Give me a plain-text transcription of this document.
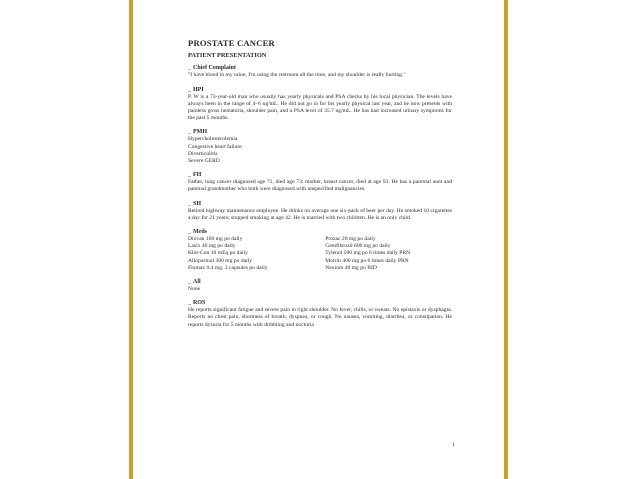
PROSTATE CANCER
PATIENT PRESENTATION
_ Chief Complaint
"I have blood in my urine, I'm using the restroom all the time, and my shoulder is really hurting."
_ HPI
P. W is a 73-year-old man who usually has yearly physicals and PSA checks by his local physician. The levels have always been in the range of 4–6 ng/mL. He did not go in for his yearly physical last year, and he now presents with painless gross hematuria, shoulder pain, and a PSA level of 35.7 ng/mL. He has had increased urinary symptoms for the past 5 months.
_ PMH
Hypercholesterolemia
Congestive heart failure
Diverticulitis
Severe GERD
_ FH
Father, lung cancer diagnosed age 71, died age 73; mother, breast cancer, died at age 93. He has a parental aunt and paternal grandmother who both were diagnosed with unspecified malignancies.
_ SH
Retired highway maintenance employee. He drinks on average one six-pack of beer per day. He smoked 10 cigarettes a day for 21 years; stopped smoking at age 42. He is married with two children. He is an only child.
_ Meds
Diovan 160 mg po daily
Lasix 40 mg po daily
Klor-Con 10 mEq po daily
Allopurinol 300 mg po daily
Flomax 0.4 mg, 2 capsules po daily
Prozac 20 mg po daily
Gemfibrozil 600 mg po daily
Tylenol 500 mg po 6 times daily PRN
Motrin 400 mg po 6 times daily PRN
Nexium 40 mg po BID
_ All
None
_ ROS
He reports significant fatigue and severe pain in right shoulder. No fever, chills, or sweats. No epistaxis or dysphagia. Reports no chest pain, shortness of breath, dyspnea, or cough. No nausea, vomiting, diarrhea, or constipation. He reports dysuria for 5 months with dribbling and nocturia
1
